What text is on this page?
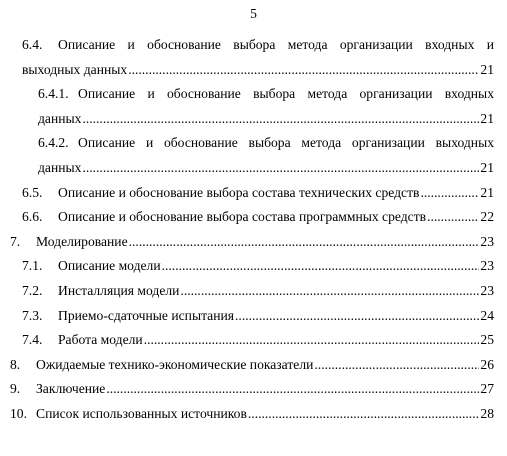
5
6.4.	Описание и обоснование выбора метода организации входных и
выходных данных .....	21
6.4.1. Описание и обоснование выбора метода организации входных
данных .....	21
6.4.2. Описание и обоснование выбора метода организации выходных
данных .....	21
6.5.	Описание и обоснование выбора состава технических средств .....	21
6.6.	Описание и обоснование выбора состава программных средств .....	22
7.	Моделирование .....	23
7.1.	Описание модели .....	23
7.2.	Инсталляция модели .....	23
7.3.	Приемо-сдаточные испытания .....	24
7.4.	Работа модели .....	25
8.	Ожидаемые технико-экономические показатели .....	26
9.	Заключение .....	27
10. Список использованных источников .....	28
